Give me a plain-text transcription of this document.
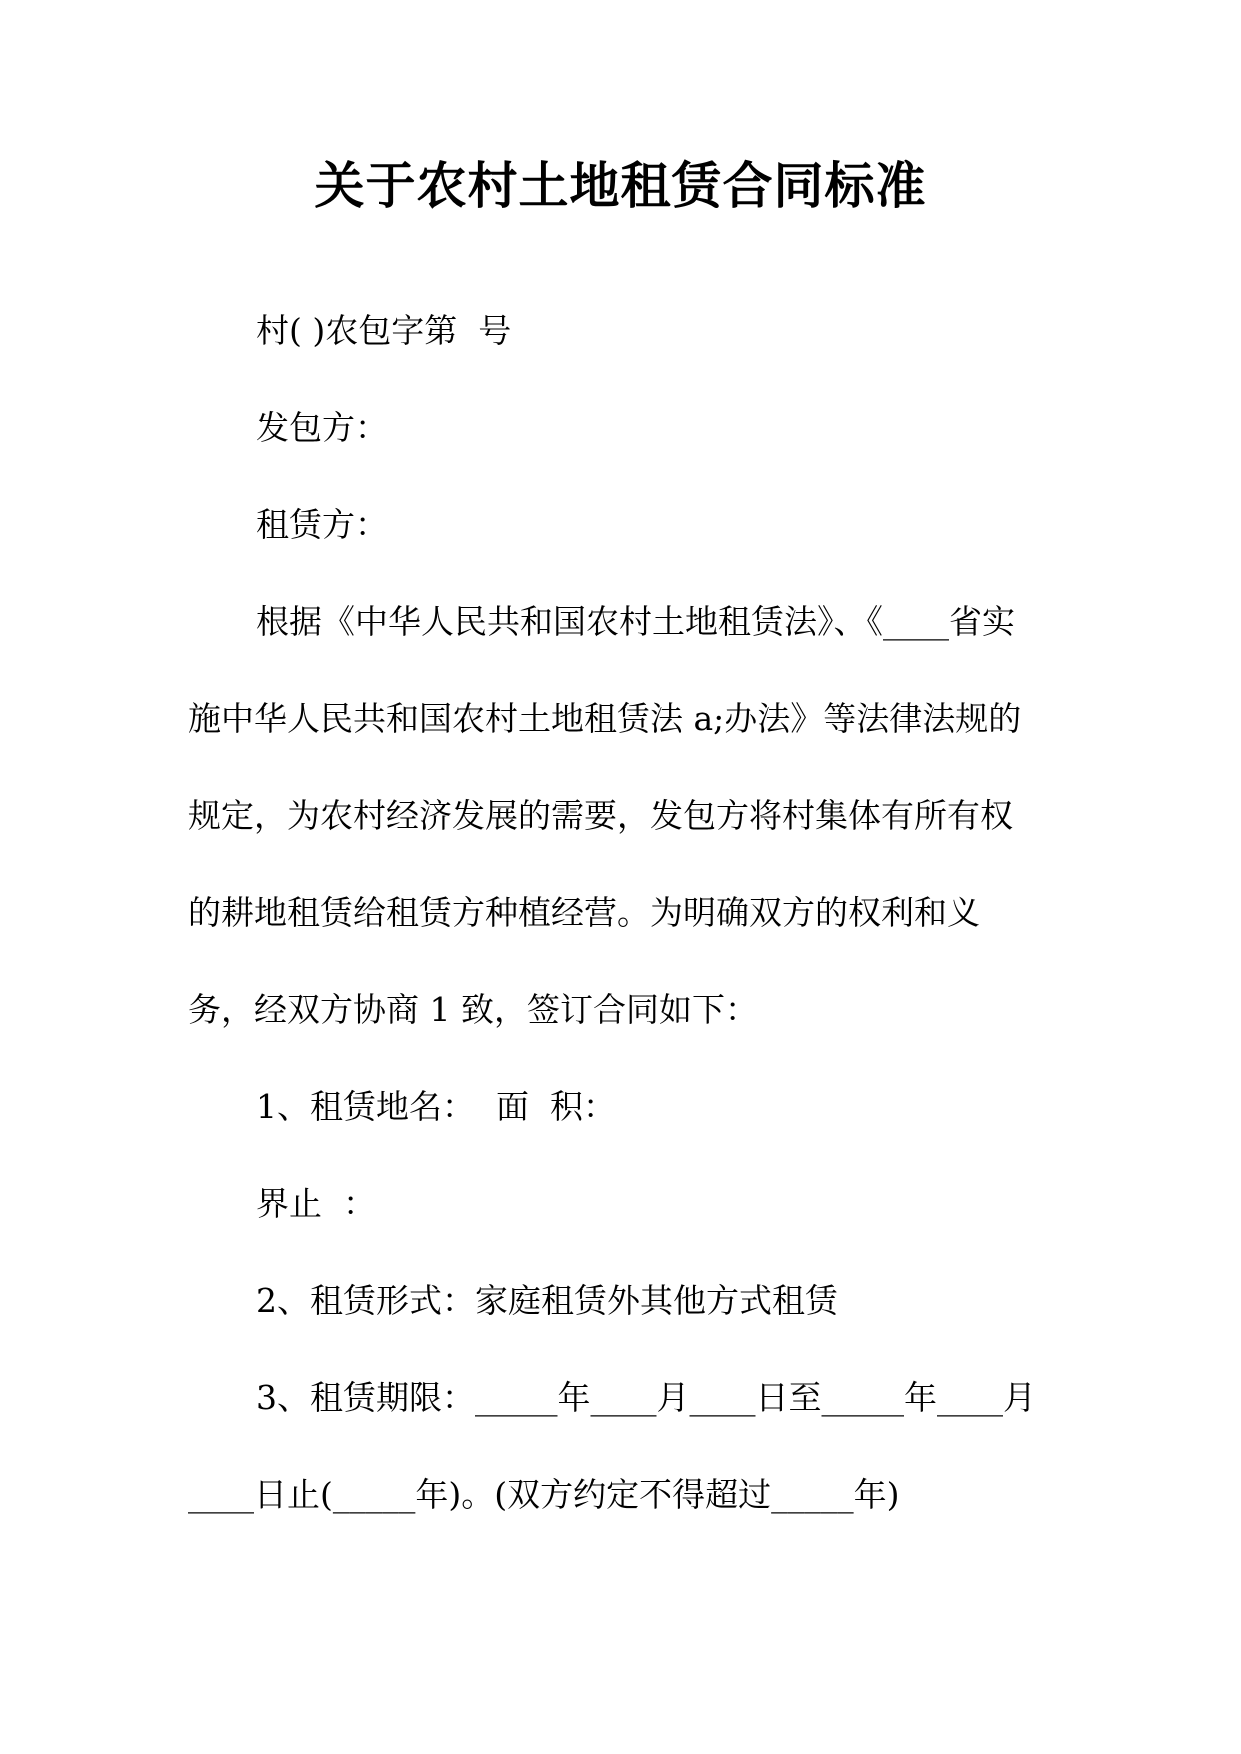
关于农村土地租赁合同标准

村( )农包字第  号

发包方：

租赁方：

根据《中华人民共和国农村土地租赁法》、《____省实

施中华人民共和国农村土地租赁法 a;办法》等法律法规的

规定，为农村经济发展的需要，发包方将村集体有所有权

的耕地租赁给租赁方种植经营。为明确双方的权利和义

务，经双方协商 1 致，签订合同如下：

1、租赁地名：  面  积：

界止  ：

2、租赁形式：家庭租赁外其他方式租赁

3、租赁期限：_____年____月____日至_____年____月

____日止(_____年)。(双方约定不得超过_____年)
